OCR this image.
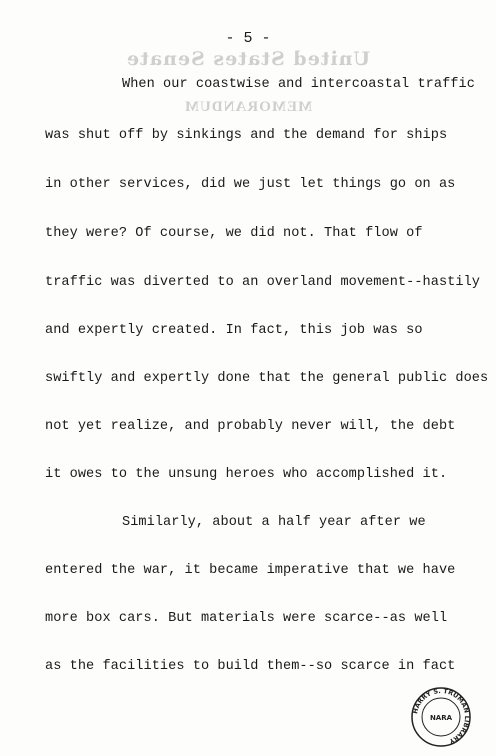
United States Senate
MEMORANDUM
- 5 -
When our coastwise and intercoastal traffic
was shut off by sinkings and the demand for ships
in other services, did we just let things go on as
they were? Of course, we did not. That flow of
traffic was diverted to an overland movement--hastily
and expertly created. In fact, this job was so
swiftly and expertly done that the general public does
not yet realize, and probably never will, the debt
it owes to the unsung heroes who accomplished it.
Similarly, about a half year after we
entered the war, it became imperative that we have
more box cars. But materials were scarce--as well
as the facilities to build them--so scarce in fact
HARRY S. TRUMAN LIBRARY
NARA
